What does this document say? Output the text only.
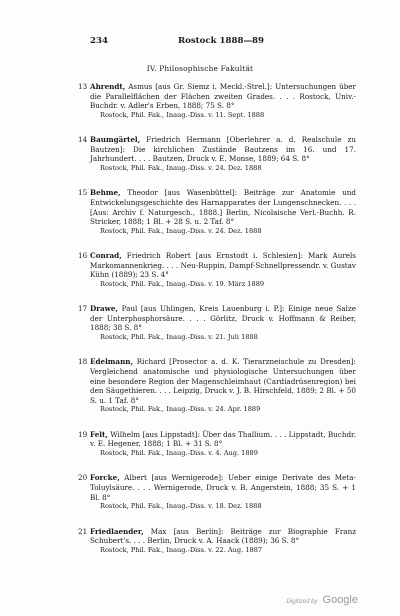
234	Rostock 1888—89
IV. Philosophische Fakultät
13 Ahrendt, Asmus [aus Gr. Siemz i. Meckl.-Strel.]: Untersuchungen über die Parallelflächen der Flächen zweiten Grades. . . . Rostock, Univ.-Buchdr. v. Adler's Erben, 1888; 75 S. 8°
Rostock, Phil. Fak., Inaug.-Diss. v. 11. Sept. 1888
14 Baumgärtel, Friedrich Hermann [Oberlehrer a. d. Realschule zu Bautzen]: Die kirchlichen Zustände Bautzens im 16. und 17. Jahrhundert. . . . Bautzen, Druck v. E. Monse, 1889; 64 S. 8°
Rostock, Phil. Fak., Inaug.-Diss. v. 24. Dez. 1888
15 Behme, Theodor [aus Wasenbüttel]: Beiträge zur Anatomie und Entwickelungsgeschichte des Harnapparates der Lungenschnecken. . . . [Aus: Archiv f. Naturgesch., 1888.] Berlin, Nicolaische Verl.-Buchh. R. Stricker, 1888; 1 Bl. + 28 S. u. 2 Taf. 8°
Rostock, Phil. Fak., Inaug.-Diss. v. 24. Dez. 1888
16 Conrad, Friedrich Robert [aus Ernstodt i. Schlesien]: Mark Aurels Markomannenkrieg. . . . Neu-Ruppin, Dampf-Schnellpressendr. v. Gustav Kühn (1889); 23 S. 4°
Rostock, Phil. Fak., Inaug.-Diss. v. 19. März 1889
17 Drawe, Paul [aus Uhlingen, Kreis Lauenburg i. P.]: Einige neue Salze der Unterphosphorsäure. . . . Görlitz, Druck v. Hoffmann & Reiber, 1888; 38 S. 8°
Rostock, Phil. Fak., Inaug.-Diss. v. 21. Juli 1888
18 Edelmann, Richard [Prosector a. d. K. Tierarzneischule zu Dresden]: Vergleichend anatomische und physiologische Untersuchungen über eine besondere Region der Magenschleimhaut (Cardiadrüsenregion) bei den Säugethieren. . . . Leipzig, Druck v. J. B. Hirschfeld, 1889; 2 Bl. + 50 S. u. 1 Taf. 8°
Rostock, Phil. Fak., Inaug.-Diss. v. 24. Apr. 1889
19 Felt, Wilhelm [aus Lippstadt]: Über das Thallium. . . . Lippstadt, Buchdr. v. E. Hegener, 1888; 1 Bl. + 31 S. 8°
Rostock, Phil. Fak., Inaug.-Diss. v. 4. Aug. 1889
20 Forcke, Albert [aus Wernigerode]: Ueber einige Derivate des Meta-Toluylsäure. . . . Wernigerode, Druck v. B. Angerstein, 1888; 35 S. + 1 Bl. 8°
Rostock, Phil. Fak., Inaug.-Diss. v. 18. Dez. 1888
21 Friedlaender, Max [aus Berlin]: Beiträge zur Biographie Franz Schubert's. . . . Berlin, Druck v. A. Haack (1889); 36 S. 8°
Rostock, Phil. Fak., Inaug.-Diss. v. 22. Aug. 1887
Digitized by Google
